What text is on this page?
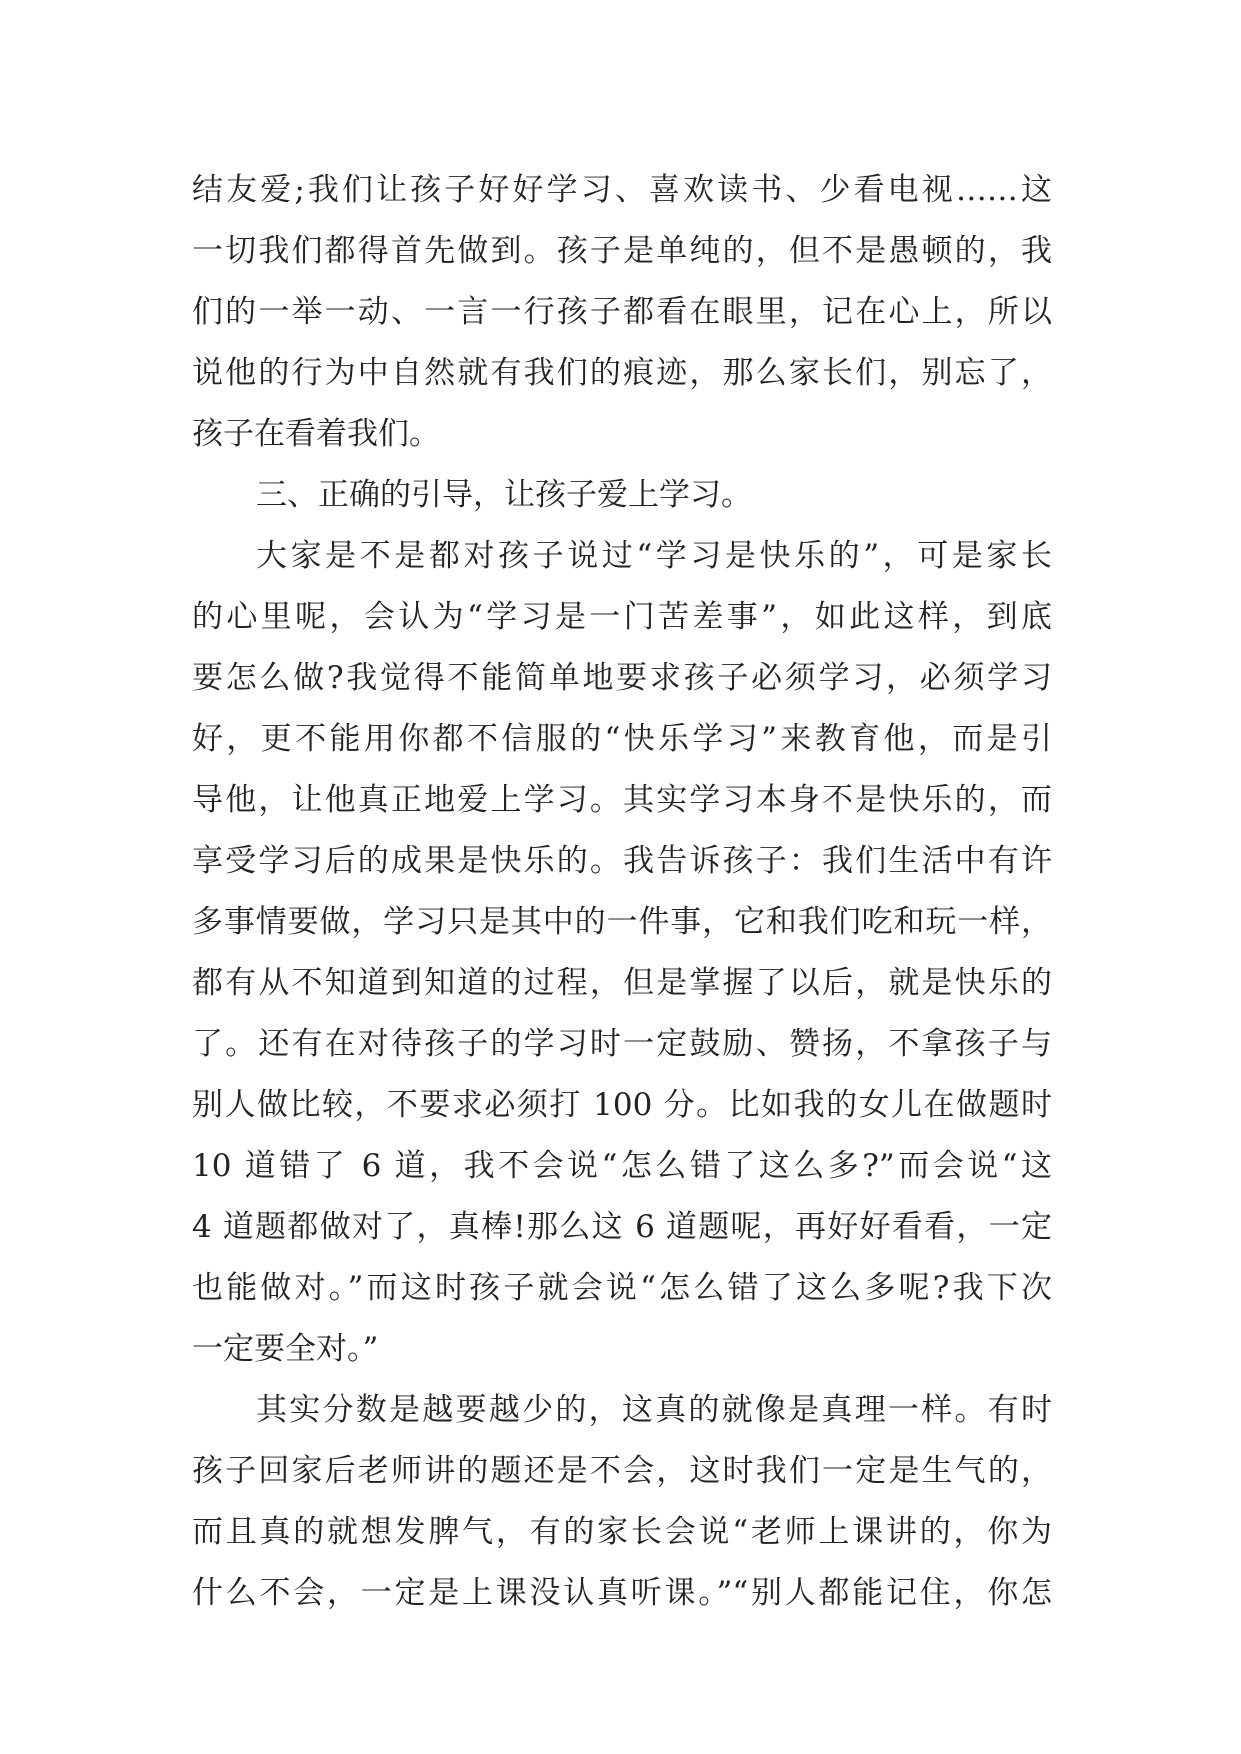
结友爱;我们让孩子好好学习、喜欢读书、少看电视……这
一切我们都得首先做到。孩子是单纯的，但不是愚顿的，我
们的一举一动、一言一行孩子都看在眼里，记在心上，所以
说他的行为中自然就有我们的痕迹，那么家长们，别忘了，
孩子在看着我们。
三、正确的引导，让孩子爱上学习。
大家是不是都对孩子说过“学习是快乐的”，可是家长
的心里呢，会认为“学习是一门苦差事”，如此这样，到底
要怎么做?我觉得不能简单地要求孩子必须学习，必须学习
好，更不能用你都不信服的“快乐学习”来教育他，而是引
导他，让他真正地爱上学习。其实学习本身不是快乐的，而
享受学习后的成果是快乐的。我告诉孩子：我们生活中有许
多事情要做，学习只是其中的一件事，它和我们吃和玩一样，
都有从不知道到知道的过程，但是掌握了以后，就是快乐的
了。还有在对待孩子的学习时一定鼓励、赞扬，不拿孩子与
别人做比较，不要求必须打 100 分。比如我的女儿在做题时
10 道错了 6 道，我不会说“怎么错了这么多?”而会说“这
4 道题都做对了，真棒!那么这 6 道题呢，再好好看看，一定
也能做对。”而这时孩子就会说“怎么错了这么多呢?我下次
一定要全对。”
其实分数是越要越少的，这真的就像是真理一样。有时
孩子回家后老师讲的题还是不会，这时我们一定是生气的，
而且真的就想发脾气，有的家长会说“老师上课讲的，你为
什么不会，一定是上课没认真听课。”“别人都能记住，你怎
